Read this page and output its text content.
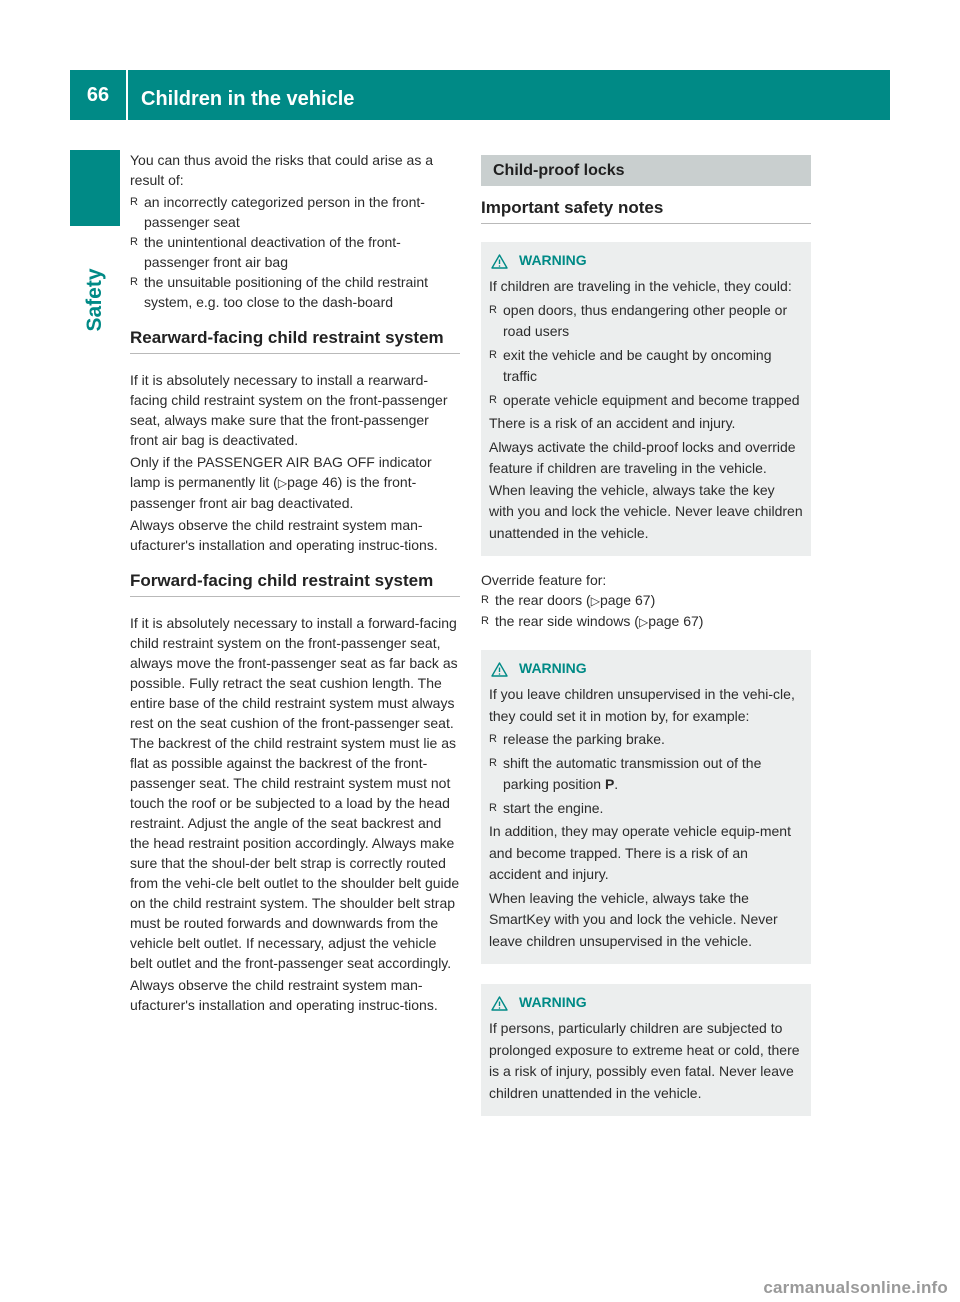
66	Children in the vehicle
Safety

You can thus avoid the risks that could arise as a result of:

R an incorrectly categorized person in the front-passenger seat
R the unintentional deactivation of the front-passenger front air bag
R the unsuitable positioning of the child restraint system, e.g. too close to the dash-board
Rearward-facing child restraint system

If it is absolutely necessary to install a rearward-facing child restraint system on the front-passenger seat, always make sure that the front-passenger front air bag is deactivated.

Only if the PASSENGER AIR BAG OFF indicator lamp is permanently lit (▷page 46) is the front-passenger front air bag deactivated.

Always observe the child restraint system man-ufacturer's installation and operating instruc-tions.

Forward-facing child restraint system

If it is absolutely necessary to install a forward-facing child restraint system on the front-passenger seat, always move the front-passenger seat as far back as possible. Fully retract the seat cushion length. The entire base of the child restraint system must always rest on the seat cushion of the front-passenger seat. The backrest of the child restraint system must lie as flat as possible against the backrest of the front-passenger seat. The child restraint system must not touch the roof or be subjected to a load by the head restraint. Adjust the angle of the seat backrest and the head restraint position accordingly. Always make sure that the shoul-der belt strap is correctly routed from the vehi-cle belt outlet to the shoulder belt guide on the child restraint system. The shoulder belt strap must be routed forwards and downwards from the vehicle belt outlet. If necessary, adjust the vehicle belt outlet and the front-passenger seat accordingly.

Always observe the child restraint system man-ufacturer's installation and operating instruc-tions.

Child-proof locks
Important safety notes
WARNING

If children are traveling in the vehicle, they could:

R open doors, thus endangering other people or road users
R exit the vehicle and be caught by oncoming traffic
R operate vehicle equipment and become trapped

There is a risk of an accident and injury.

Always activate the child-proof locks and override feature if children are traveling in the vehicle. When leaving the vehicle, always take the key with you and lock the vehicle. Never leave children unattended in the vehicle.

Override feature for:

R the rear doors (▷page 67)
R the rear side windows (▷page 67)
WARNING

If you leave children unsupervised in the vehi-cle, they could set it in motion by, for example:

R release the parking brake.
R shift the automatic transmission out of the parking position P.
R start the engine.

In addition, they may operate vehicle equip-ment and become trapped. There is a risk of an accident and injury.

When leaving the vehicle, always take the SmartKey with you and lock the vehicle. Never leave children unsupervised in the vehicle.

WARNING

If persons, particularly children are subjected to prolonged exposure to extreme heat or cold, there is a risk of injury, possibly even fatal. Never leave children unattended in the vehicle.

carmanualsonline.info
